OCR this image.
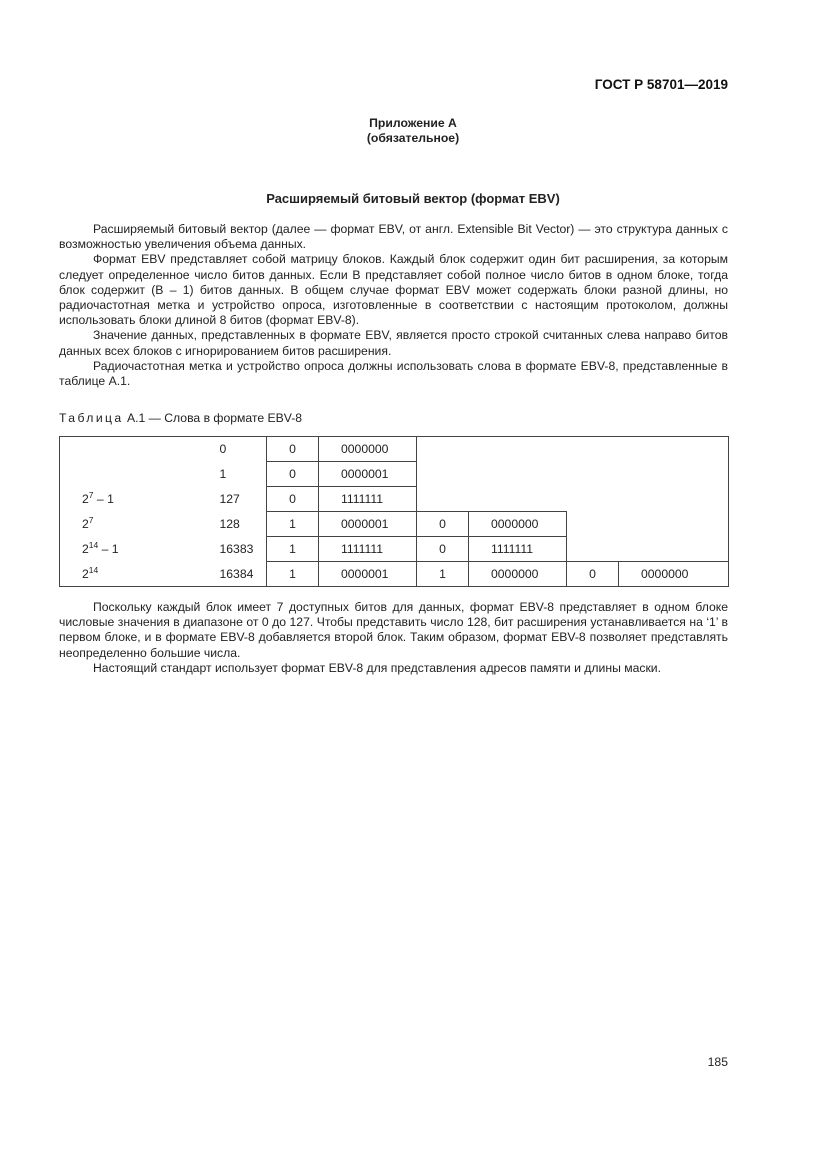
ГОСТ Р 58701—2019
Приложение А
(обязательное)
Расширяемый битовый вектор (формат EBV)

Расширяемый битовый вектор (далее — формат EBV, от англ. Extensible Bit Vector) — это структура данных с возможностью увеличения объема данных.

Формат EBV представляет собой матрицу блоков. Каждый блок содержит один бит расширения, за которым следует определенное число битов данных. Если В представляет собой полное число битов в одном блоке, тогда блок содержит (В – 1) битов данных. В общем случае формат EBV может содержать блоки разной длины, но радиочастотная метка и устройство опроса, изготовленные в соответствии с настоящим протоколом, должны использовать блоки длиной 8 битов (формат EBV-8).

Значение данных, представленных в формате EBV, является просто строкой считанных слева направо битов данных всех блоков с игнорированием битов расширения.

Радиочастотная метка и устройство опроса должны использовать слова в формате EBV-8, представленные в таблице А.1.

Таблица А.1 — Слова в формате EBV-8
	0	0	0000000				
	1	0	0000001				
$2^7 - 1$	127	0	1111111				
$2^7$	128	1	0000001	0	0000000		
$2^{14} - 1$	16383	1	1111111	0	1111111		
$2^{14}$	16384	1	0000001	1	0000000	0	0000000

Поскольку каждый блок имеет 7 доступных битов для данных, формат EBV-8 представляет в одном блоке числовые значения в диапазоне от 0 до 127. Чтобы представить число 128, бит расширения устанавливается на ‘1’ в первом блоке, и в формате EBV-8 добавляется второй блок. Таким образом, формат EBV-8 позволяет представлять неопределенно большие числа.

Настоящий стандарт использует формат EBV-8 для представления адресов памяти и длины маски.

185
